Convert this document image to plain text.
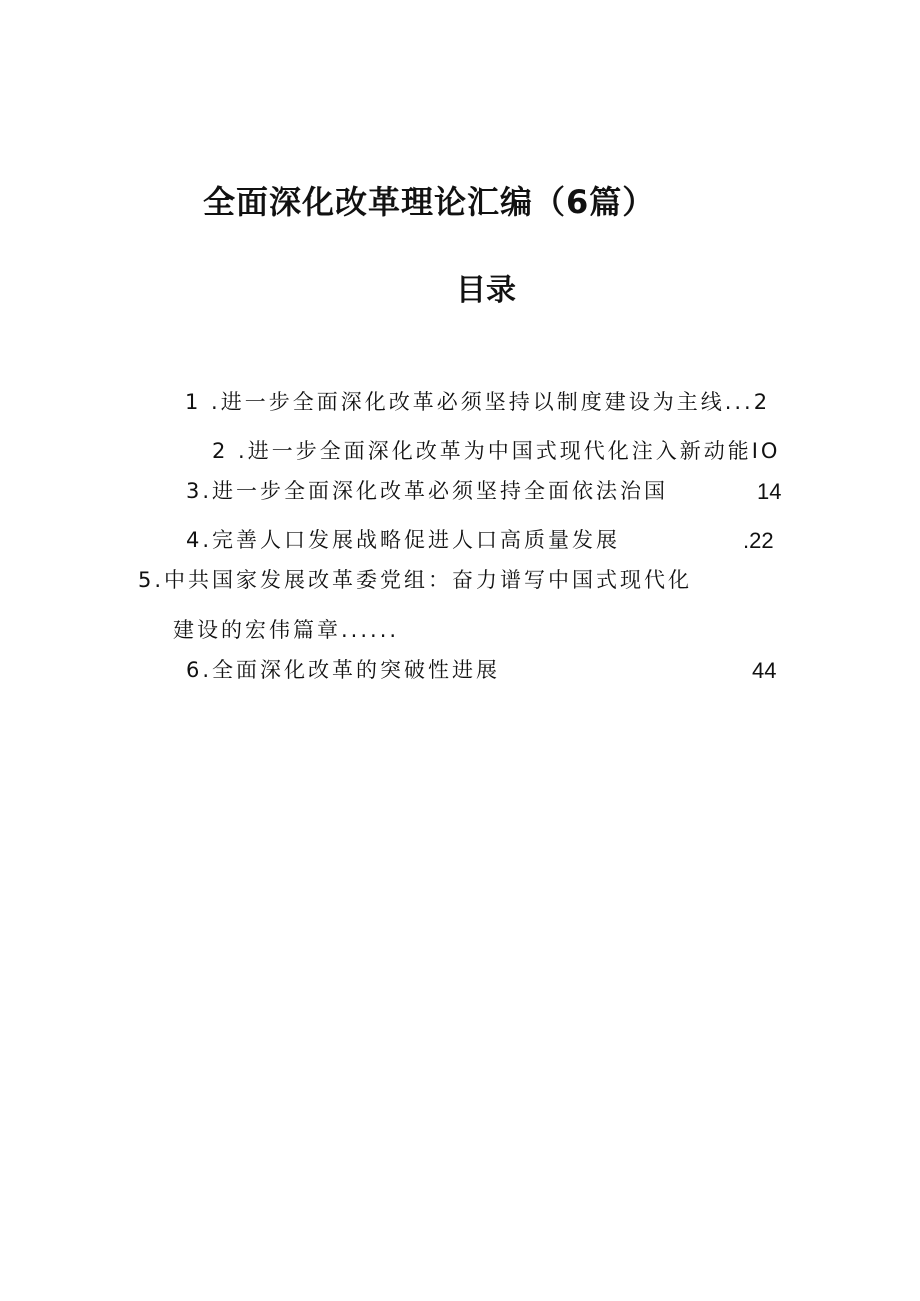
全面深化改革理论汇编（6篇）
目录
1 .进一步全面深化改革必须坚持以制度建设为主线...2
2 .进一步全面深化改革为中国式现代化注入新动能IO
3.进一步全面深化改革必须坚持全面依法治国	14
4.完善人口发展战略促进人口高质量发展	.22
5.中共国家发展改革委党组：奋力谱写中国式现代化
建设的宏伟篇章......
6.全面深化改革的突破性进展	44
